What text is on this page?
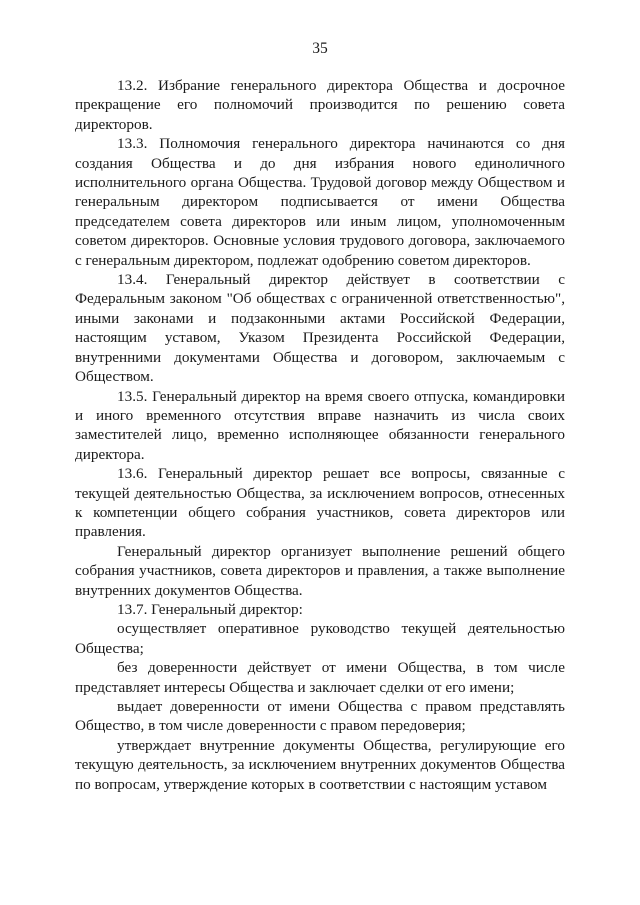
35

13.2. Избрание генерального директора Общества и досрочное прекращение его полномочий производится по решению совета директоров.

13.3. Полномочия генерального директора начинаются со дня создания Общества и до дня избрания нового единоличного исполнительного органа Общества. Трудовой договор между Обществом и генеральным директором подписывается от имени Общества председателем совета директоров или иным лицом, уполномоченным советом директоров. Основные условия трудового договора, заключаемого с генеральным директором, подлежат одобрению советом директоров.

13.4. Генеральный директор действует в соответствии с Федеральным законом "Об обществах с ограниченной ответственностью", иными законами и подзаконными актами Российской Федерации, настоящим уставом, Указом Президента Российской Федерации, внутренними документами Общества и договором, заключаемым с Обществом.

13.5. Генеральный директор на время своего отпуска, командировки и иного временного отсутствия вправе назначить из числа своих заместителей лицо, временно исполняющее обязанности генерального директора.

13.6. Генеральный директор решает все вопросы, связанные с текущей деятельностью Общества, за исключением вопросов, отнесенных к компетенции общего собрания участников, совета директоров или правления.

Генеральный директор организует выполнение решений общего собрания участников, совета директоров и правления, а также выполнение внутренних документов Общества.

13.7. Генеральный директор:

осуществляет оперативное руководство текущей деятельностью Общества;

без доверенности действует от имени Общества, в том числе представляет интересы Общества и заключает сделки от его имени;

выдает доверенности от имени Общества с правом представлять Общество, в том числе доверенности с правом передоверия;

утверждает внутренние документы Общества, регулирующие его текущую деятельность, за исключением внутренних документов Общества по вопросам, утверждение которых в соответствии с настоящим уставом
